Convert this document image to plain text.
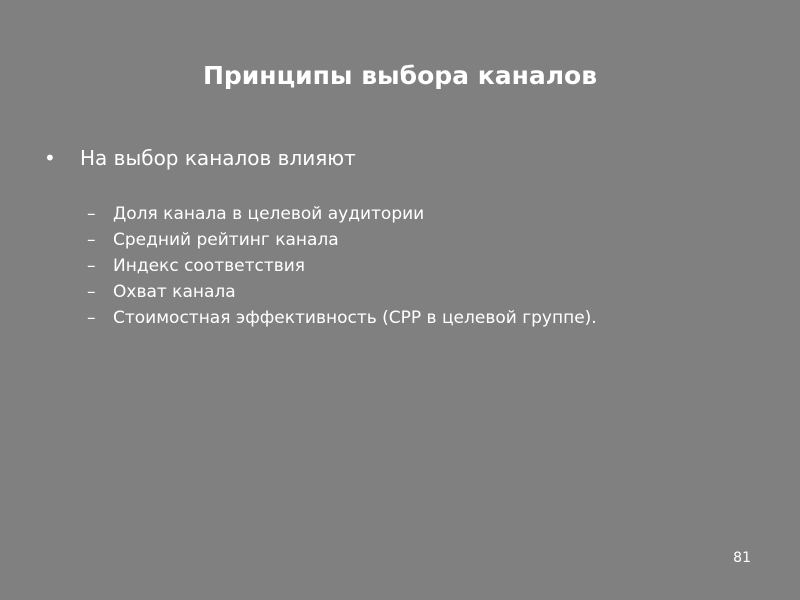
Принципы выбора каналов
•	На выбор каналов влияют
–	Доля канала в целевой аудитории
–	Средний рейтинг канала
–	Индекс соответствия
–	Охват канала
–	Стоимостная эффективность (CPP в целевой группе).
81
